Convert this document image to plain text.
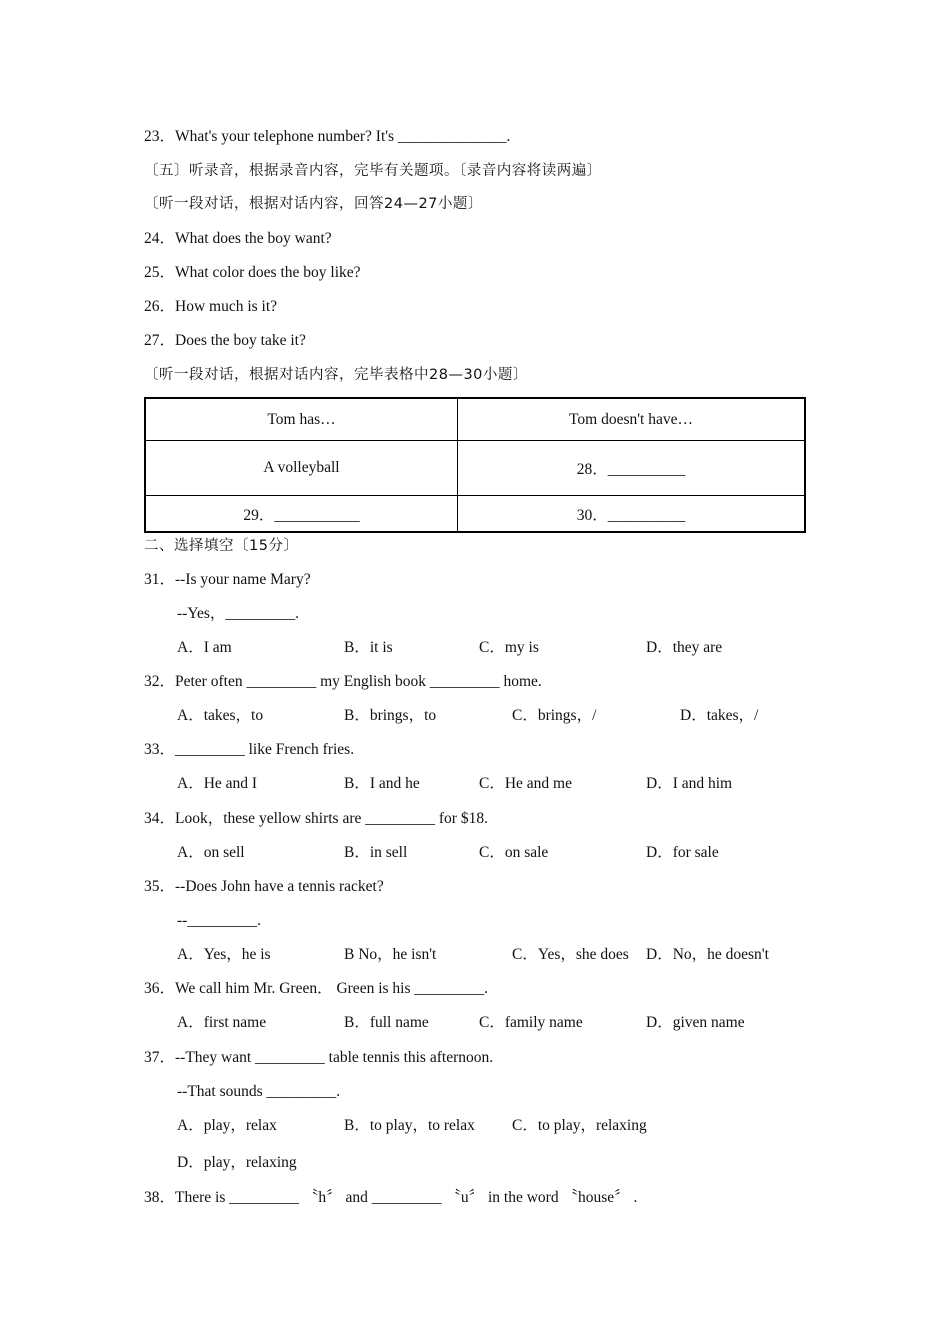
23．What's your telephone number? It's ______________.
〔五〕听录音，根据录音内容，完毕有关题项。〔录音内容将读两遍〕
〔听一段对话，根据对话内容，回答24—27小题〕
24．What does the boy want?
25．What color does the boy like?
26．How much is it?
27．Does the boy take it?
〔听一段对话，根据对话内容，完毕表格中28—30小题〕
Tom has…	Tom doesn't have…
A volleyball	28．__________
29．___________	30．__________
二、选择填空〔15分〕
31．--Is your name Mary?
--Yes，_________.
A．I am	B．it is	C．my is	D．they are
32．Peter often _________ my English book _________ home.
A．takes，to	B．brings，to	C．brings，/	D．takes，/
33．_________ like French fries.
A．He and I	B．I and he	C．He and me	D．I and him
34．Look，these yellow shirts are _________ for $18.
A．on sell	B．in sell	C．on sale	D．for sale
35．--Does John have a tennis racket?
--_________.
A．Yes，he is	B No，he isn't	C．Yes，she does D．No，he doesn't
36．We call him Mr. Green． Green is his _________.
A．first name	B．full name	C．family name	D．given name
37．--They want _________ table tennis this afternoon.
--That sounds _________.
A．play，relax	B．to play，to relax C．to play，relaxing
D．play，relaxing
38．There is _________ 〝h〞 and _________ 〝u〞 in the word 〝house〞 .
